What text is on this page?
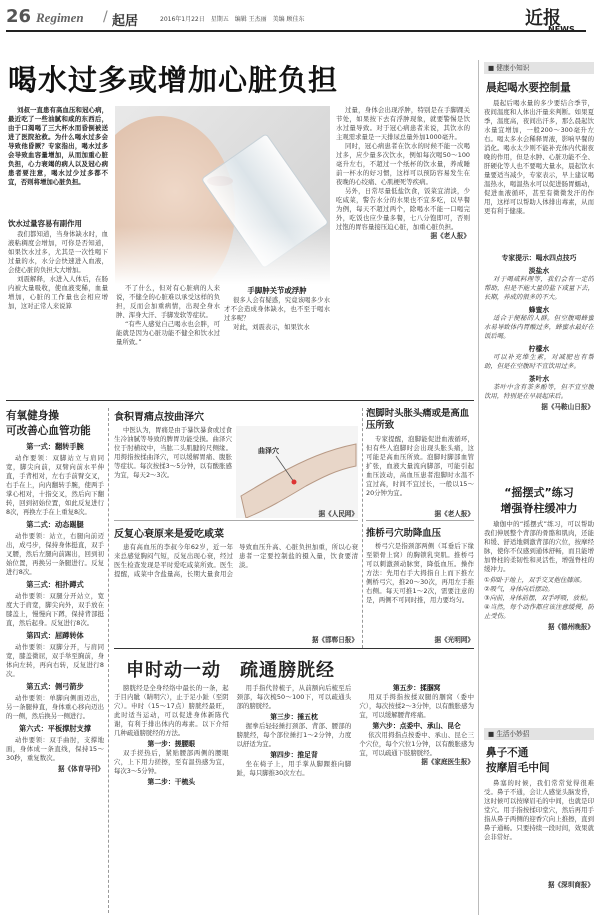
26 Regimen / 起居	2016年1月22日　星期五　编辑 王杰丽　美编 顾佳东	近报
喝水过多或增加心脏负担
刘叔一直患有高血压和冠心病，最近吃了一些油腻和咸的东西后，由于口渴喝了三大杯水而昏倒被送进了医院抢救。为什么喝水过多会导致他昏厥？专家指出，喝水过多会导致血容量增加，从而加重心脏负担，心力衰竭的病人以及冠心病患者要注意，喝水过少过多都不宜，否则将增加心脏负担。
饮水过量容易有副作用
我们都知道，当身体缺水时，血液粘稠度会增加，可你是否知道，如果饮水过多，尤其是一次性喝下过量的水，水分会快速进入血液，会使心脏的负担大大增加。
刘震解释，水进入人体后，在肠内被大量吸收，使血液变稀，血量增加，心脏的工作量也会相应增加，这对正常人来说算
不了什么，但对有心脏病的人来说，不健全的心脏难以承受这样的负担，反而会加重病情，出现全身水肿、浑身大汗、手脚发软等症状。
“有些人感觉自己喝水也会胖，可能就是因为心脏功能不健全和饮水过量所致。”
手脚肿关节或浮肿
很多人会有疑惑，究竟该喝多少水才不会造成身体缺水，也不至于喝水过多呢？
对此，刘震表示，如果饮水
过量，身体会出现浮肿，特别是在手脚踝关节处，如果按下去有浮肿现象，就要警惕是饮水过量导致。对于冠心病患者来说，其饮水的主观需求量是一天排尿总量外加1000毫升。
同时，冠心病患者在饮水的时候不能一次喝过多，应少量多次饮水，例如每次喝50～100毫升左右，不超过一个纸杯的饮水量，养成睡前一杯水的好习惯，这样可以预防容易发生在夜晚的心绞痛、心肌梗死等疾病。
另外，日常尽量低盐饮食，饭菜宜清淡，少吃咸菜，警告水分的水果也不宜多吃，以早餐为例，每天不超过两个，除喝水不能一口喝完外，吃饭也应少量多餐，七八分饱即可，否则过饱的胃容量接压迫心脏，加重心脏负担。
据《老人报》
■ 健康小知识
晨起喝水要控制量
晨起后喝水量的多少要结合季节，夜间温度和人体出汗量来判断。如果夏季，温度高，夜间出汗多，那么晨起饮水量宜增加，一般200～300毫升左右。喝太多水会稀释胃液，影响早餐的消化。喝水太少则不能补充体内代谢夜晚的作用，但是水肿、心脏功能不全、肝硬化等人也不要喝大量水，晨起饮水量要适当减少，专家表示，早上建议喝温热水，喝温热水可以促进肠胃蠕动，促进血液循环，甚至有微微发汗的作用，这样可以帮助人体排出毒素，从而更有利于健康。
专家提示：喝水四点技巧
淡盐水
对于喝咸料理等，我们会有一定的帮助，但是不能大量的盐下咸量下去，长期，养成的很多的不大。
蜂蜜水
适合于便秘的人群。但空腹喝蜂蜜水易导致体内胃酸过多，蜂蜜水最好在饭后喝。
柠檬水
可以补充维生素，对减肥也有帮助，但是在空腹时不宜饮用过多。
茶叶水
茶叶中含有茶多酚等，但不宜空腹饮用，特别是在早晨起床后。
据《马鞍山日报》
“摇摆式”练习
增强脊柱缓冲力
瑜伽中的“摇摆式”练习，可以帮助我们伸展整个背部的骨骼和肌肉，还能和缓、舒适地刺激背部的穴位，按摩经脉，使你不仅感到通体舒畅，而且能增加脊柱的柔韧性和灵活性，增强脊柱的缓冲力。
①仰卧于地上，双手交叉抱住膝部。
②吸气，身体向后摆动。
③向前，身体前摆，双手呼吸，放松。
④当然，每个动作都应该注意缓慢，防止受伤。
据《德州晚报》
■ 生活小妙招
鼻子不通
按摩眉毛中间
鼻塞的时候，我们常常觉得很难受。鼻子不通，会让人感觉头脑发昏，这时候可以按摩眉毛的中间，也就是印堂穴。用手指按揉印堂穴，然后再用手指从鼻子两侧的迎香穴向上推擦，直到鼻子通畅。只要持续一段时间，效果就会非常好。
据《深圳商报》
有氧健身操
可改善心血管功能
第一式：翻转手腕
动作要领：双脚站立与肩同宽，脚尖向前，双臂向前水平伸直，手背相对，左右手前臂交叉，右手在上，向内翻转手腕，使两手掌心相对，十指交叉，然后向下翻转，回到初始位置，如此反复进行8次，再换左手在上重复8次。
第二式：动态踢腿
动作要领：站立，右腿向前迈出，成弓步，保持身体挺直，双手叉腰，然后左腿向前踢出，回到初始位置，再换另一条腿进行。反复进行8次。
第三式：相扑蹲式
动作要领：双腿分开站立，宽度大于肩宽，脚尖向外，双手放在膝盖上，慢慢向下蹲，保持背部挺直，然后起身。反复进行8次。
第四式：屈蹲转体
动作要领：双脚分开，与肩同宽，膝盖微屈，双手举至胸前，身体向左转，再向右转，反复进行8次。
第五式：侧弓箭步
动作要领：单脚向侧面迈出，另一条腿伸直，身体重心移向迈出的一侧，然后换另一侧进行。
第六式：平板撑肘支撑
动作要领：双手曲肘，支撑地面，身体成一条直线，保持15～30秒，重复数次。
据《体育导刊》
食积胃痛点按曲泽穴
中医认为，胃痛是由于暴饮暴食或过食生冷油腻等导致的脾胃功能受损。曲泽穴位于肘横纹中，当肱二头肌腱的尺侧缘。用拇指按揉曲泽穴，可以缓解胃痛、腹胀等症状。每次按揉3～5分钟，以有酸胀感为宜，每天2～3次。
曲泽穴
据《人民网》
反复心衰原来是爱吃咸菜
患有高血压的李叔今年62岁，近一年来总感觉胸闷气短，反复出现心衰，经过医生检查发现是平时爱吃咸菜所致。医生提醒，咸菜中含盐量高，长期大量食用会导致血压升高、心脏负担加重，所以心衰患者一定要控制盐的摄入量，饮食要清淡。
据《邯郸日报》
泡脚时头胀头痛或是高血压所致
专家提醒，泡脚能促进血液循环，但有些人泡脚时会出现头胀头痛，这可能是高血压所致。泡脚时脚部血管扩张，血液大量流向脚部，可能引起血压波动，高血压患者泡脚时水温不宜过高，时间不宜过长，一般以15～20分钟为宜。
据《老人报》
推桥弓穴助降血压
桥弓穴是指颈部两侧（耳垂后下缘至锁骨上窝）的胸锁乳突肌。推桥弓可以刺激颈动脉窦，降低血压。操作方法：先用右手大拇指自上而下推左侧桥弓穴，推20～30次，再用左手推右侧。每天可推1～2次，需要注意的是，两侧不可同时推，用力要均匀。
据《光明网》
申时动一动　疏通膀胱经
膀胱经是全身经络中最长的一条，起于目内眦（睛明穴），止于足小趾（至阴穴）。申时（15～17点）膀胱经最旺，此时适当运动，可以促进身体新陈代谢，有利于排出体内的毒素。以下介绍几种疏通膀胱经的方法。
第一步：搓腰眼
双手搓热后，紧贴腰部两侧的腰眼穴，上下用力搓擦，至有温热感为宜，每次3～5分钟。
第二步：干梳头
用手指代替梳子，从前额向后梳至后颈部，每次梳50～100下，可以疏通头部的膀胱经。
第三步：捶五枕
握拳后轻轻捶打颈部、背部、腰部的膀胱经，每个部位捶打1～2分钟，力度以舒适为宜。
第四步：推足背
坐在椅子上，用手掌从脚踝推向脚趾，每只脚推30次左右。
第五步：揉腘窝
用双手拇指按揉双腿的腘窝（委中穴），每次按揉2～3分钟，以有酸胀感为宜，可以缓解腰背疼痛。
第六步：点委中、承山、昆仑
依次用拇指点按委中、承山、昆仑三个穴位，每个穴位1分钟，以有酸胀感为宜，可以疏通下肢膀胱经。
据《家庭医生报》
